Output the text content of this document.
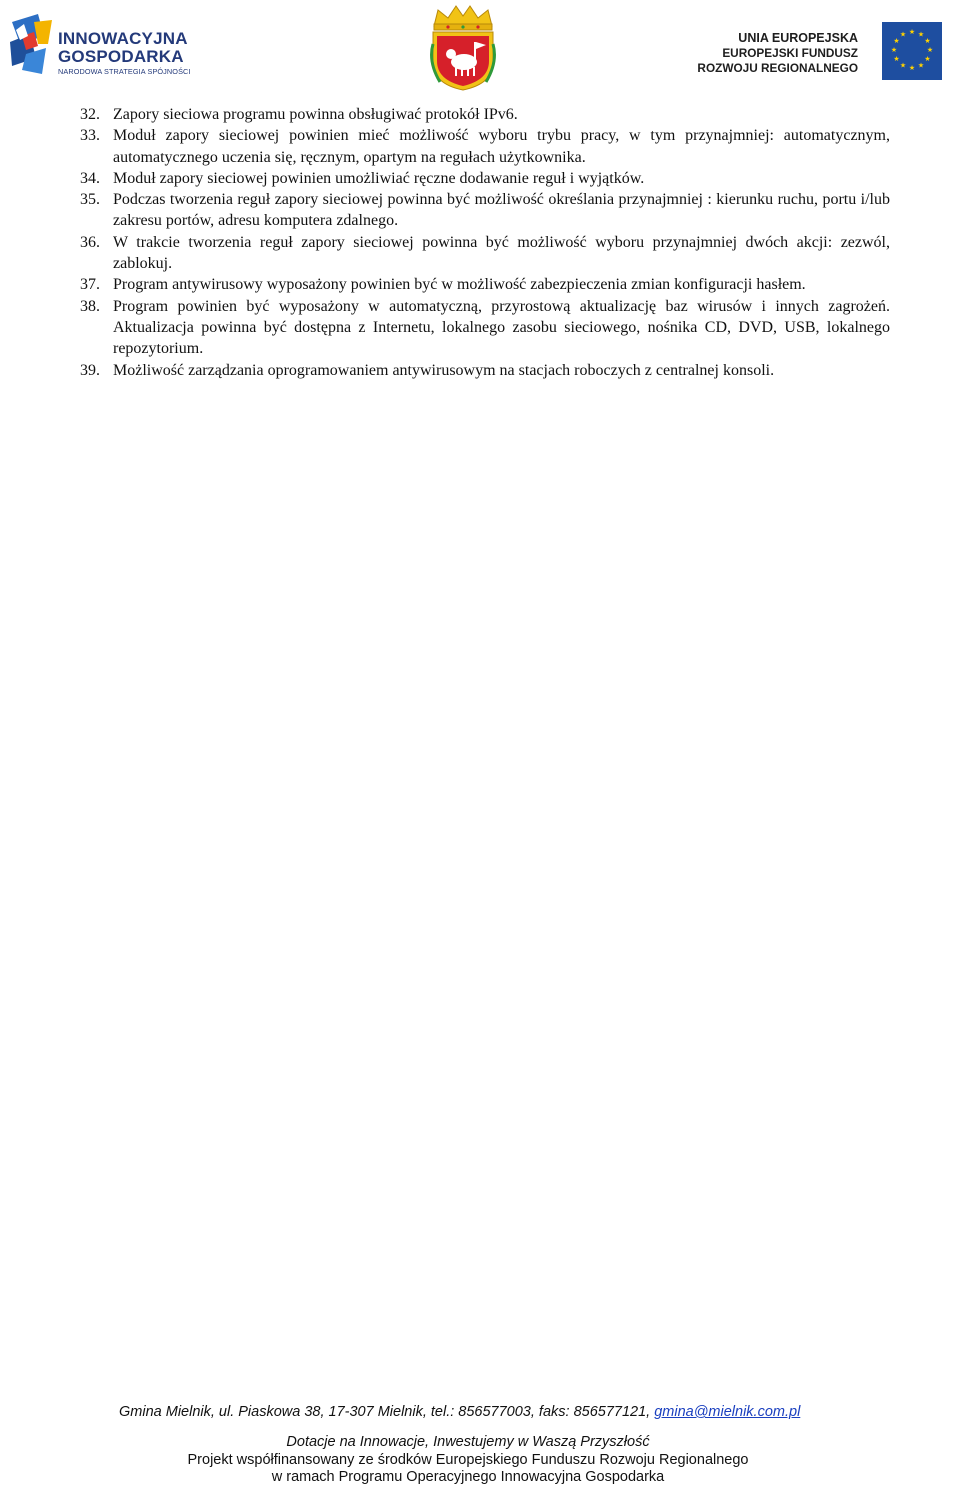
INNOWACYJNA
GOSPODARKA
NARODOWA STRATEGIA SPÓJNOŚCI
UNIA EUROPEJSKA
EUROPEJSKI FUNDUSZ
ROZWOJU REGIONALNEGO
★ ★
★
★
★
★
★
★
★
★
★
★
32. Zapory sieciowa programu powinna obsługiwać protokół IPv6.
33. Moduł zapory sieciowej powinien mieć możliwość wyboru trybu pracy, w tym przynajmniej: automatycznym, automatycznego uczenia się, ręcznym, opartym na regułach użytkownika.
34. Moduł zapory sieciowej powinien umożliwiać ręczne dodawanie reguł i wyjątków.
35. Podczas tworzenia reguł zapory sieciowej powinna być możliwość określania przynajmniej : kierunku ruchu, portu i/lub zakresu portów, adresu komputera zdalnego.
36. W trakcie tworzenia reguł zapory sieciowej powinna być możliwość wyboru przynajmniej dwóch akcji: zezwól, zablokuj.
37. Program antywirusowy wyposażony powinien być w możliwość zabezpieczenia zmian konfiguracji hasłem.
38. Program powinien być wyposażony w automatyczną, przyrostową aktualizację baz wirusów i innych zagrożeń. Aktualizacja powinna być dostępna z Internetu, lokalnego zasobu sieciowego, nośnika CD, DVD, USB, lokalnego repozytorium.
39. Możliwość zarządzania oprogramowaniem antywirusowym na stacjach roboczych z centralnej konsoli.
Gmina Mielnik, ul. Piaskowa 38, 17-307 Mielnik, tel.: 856577003, faks: 856577121, gmina@mielnik.com.pl
Dotacje na Innowacje, Inwestujemy w Waszą Przyszłość
Projekt współfinansowany ze środków Europejskiego Funduszu Rozwoju Regionalnego
w ramach Programu Operacyjnego Innowacyjna Gospodarka
